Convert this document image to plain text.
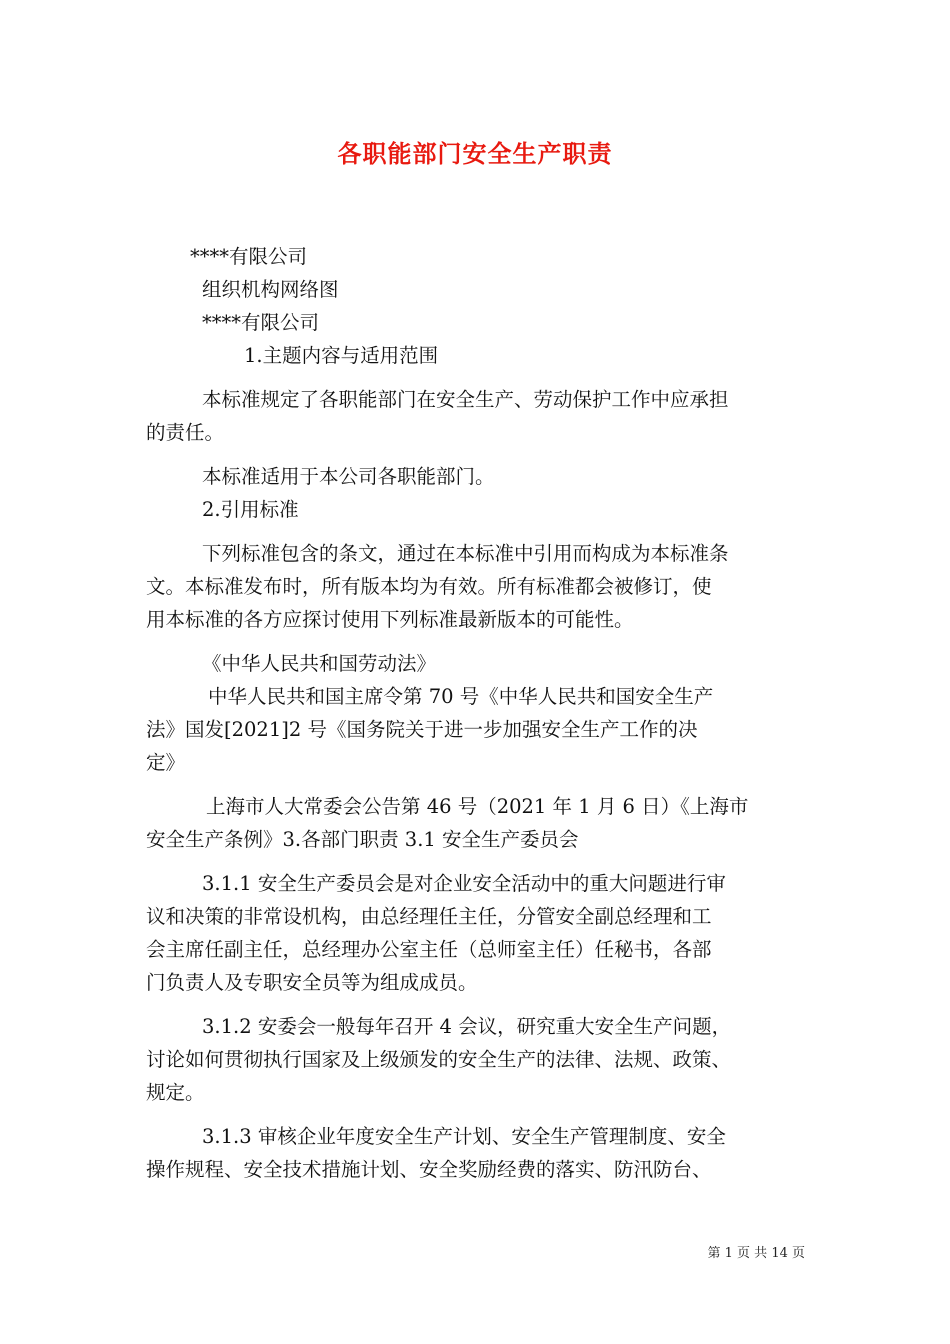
各职能部门安全生产职责
****有限公司
组织机构网络图
****有限公司
1.主题内容与适用范围
本标准规定了各职能部门在安全生产、劳动保护工作中应承担
的责任。
本标准适用于本公司各职能部门。
2.引用标准
下列标准包含的条文，通过在本标准中引用而构成为本标准条
文。本标准发布时，所有版本均为有效。所有标准都会被修订，使
用本标准的各方应探讨使用下列标准最新版本的可能性。
《中华人民共和国劳动法》
中华人民共和国主席令第 70 号《中华人民共和国安全生产
法》国发[2021]2 号《国务院关于进一步加强安全生产工作的决
定》
上海市人大常委会公告第 46 号（2021 年 1 月 6 日）《上海市
安全生产条例》3.各部门职责 3.1 安全生产委员会
3.1.1 安全生产委员会是对企业安全活动中的重大问题进行审
议和决策的非常设机构，由总经理任主任，分管安全副总经理和工
会主席任副主任，总经理办公室主任（总师室主任）任秘书，各部
门负责人及专职安全员等为组成成员。
3.1.2 安委会一般每年召开 4 会议，研究重大安全生产问题，
讨论如何贯彻执行国家及上级颁发的安全生产的法律、法规、政策、
规定。
3.1.3 审核企业年度安全生产计划、安全生产管理制度、安全
操作规程、安全技术措施计划、安全奖励经费的落实、防汛防台、
第 1 页 共 14 页
